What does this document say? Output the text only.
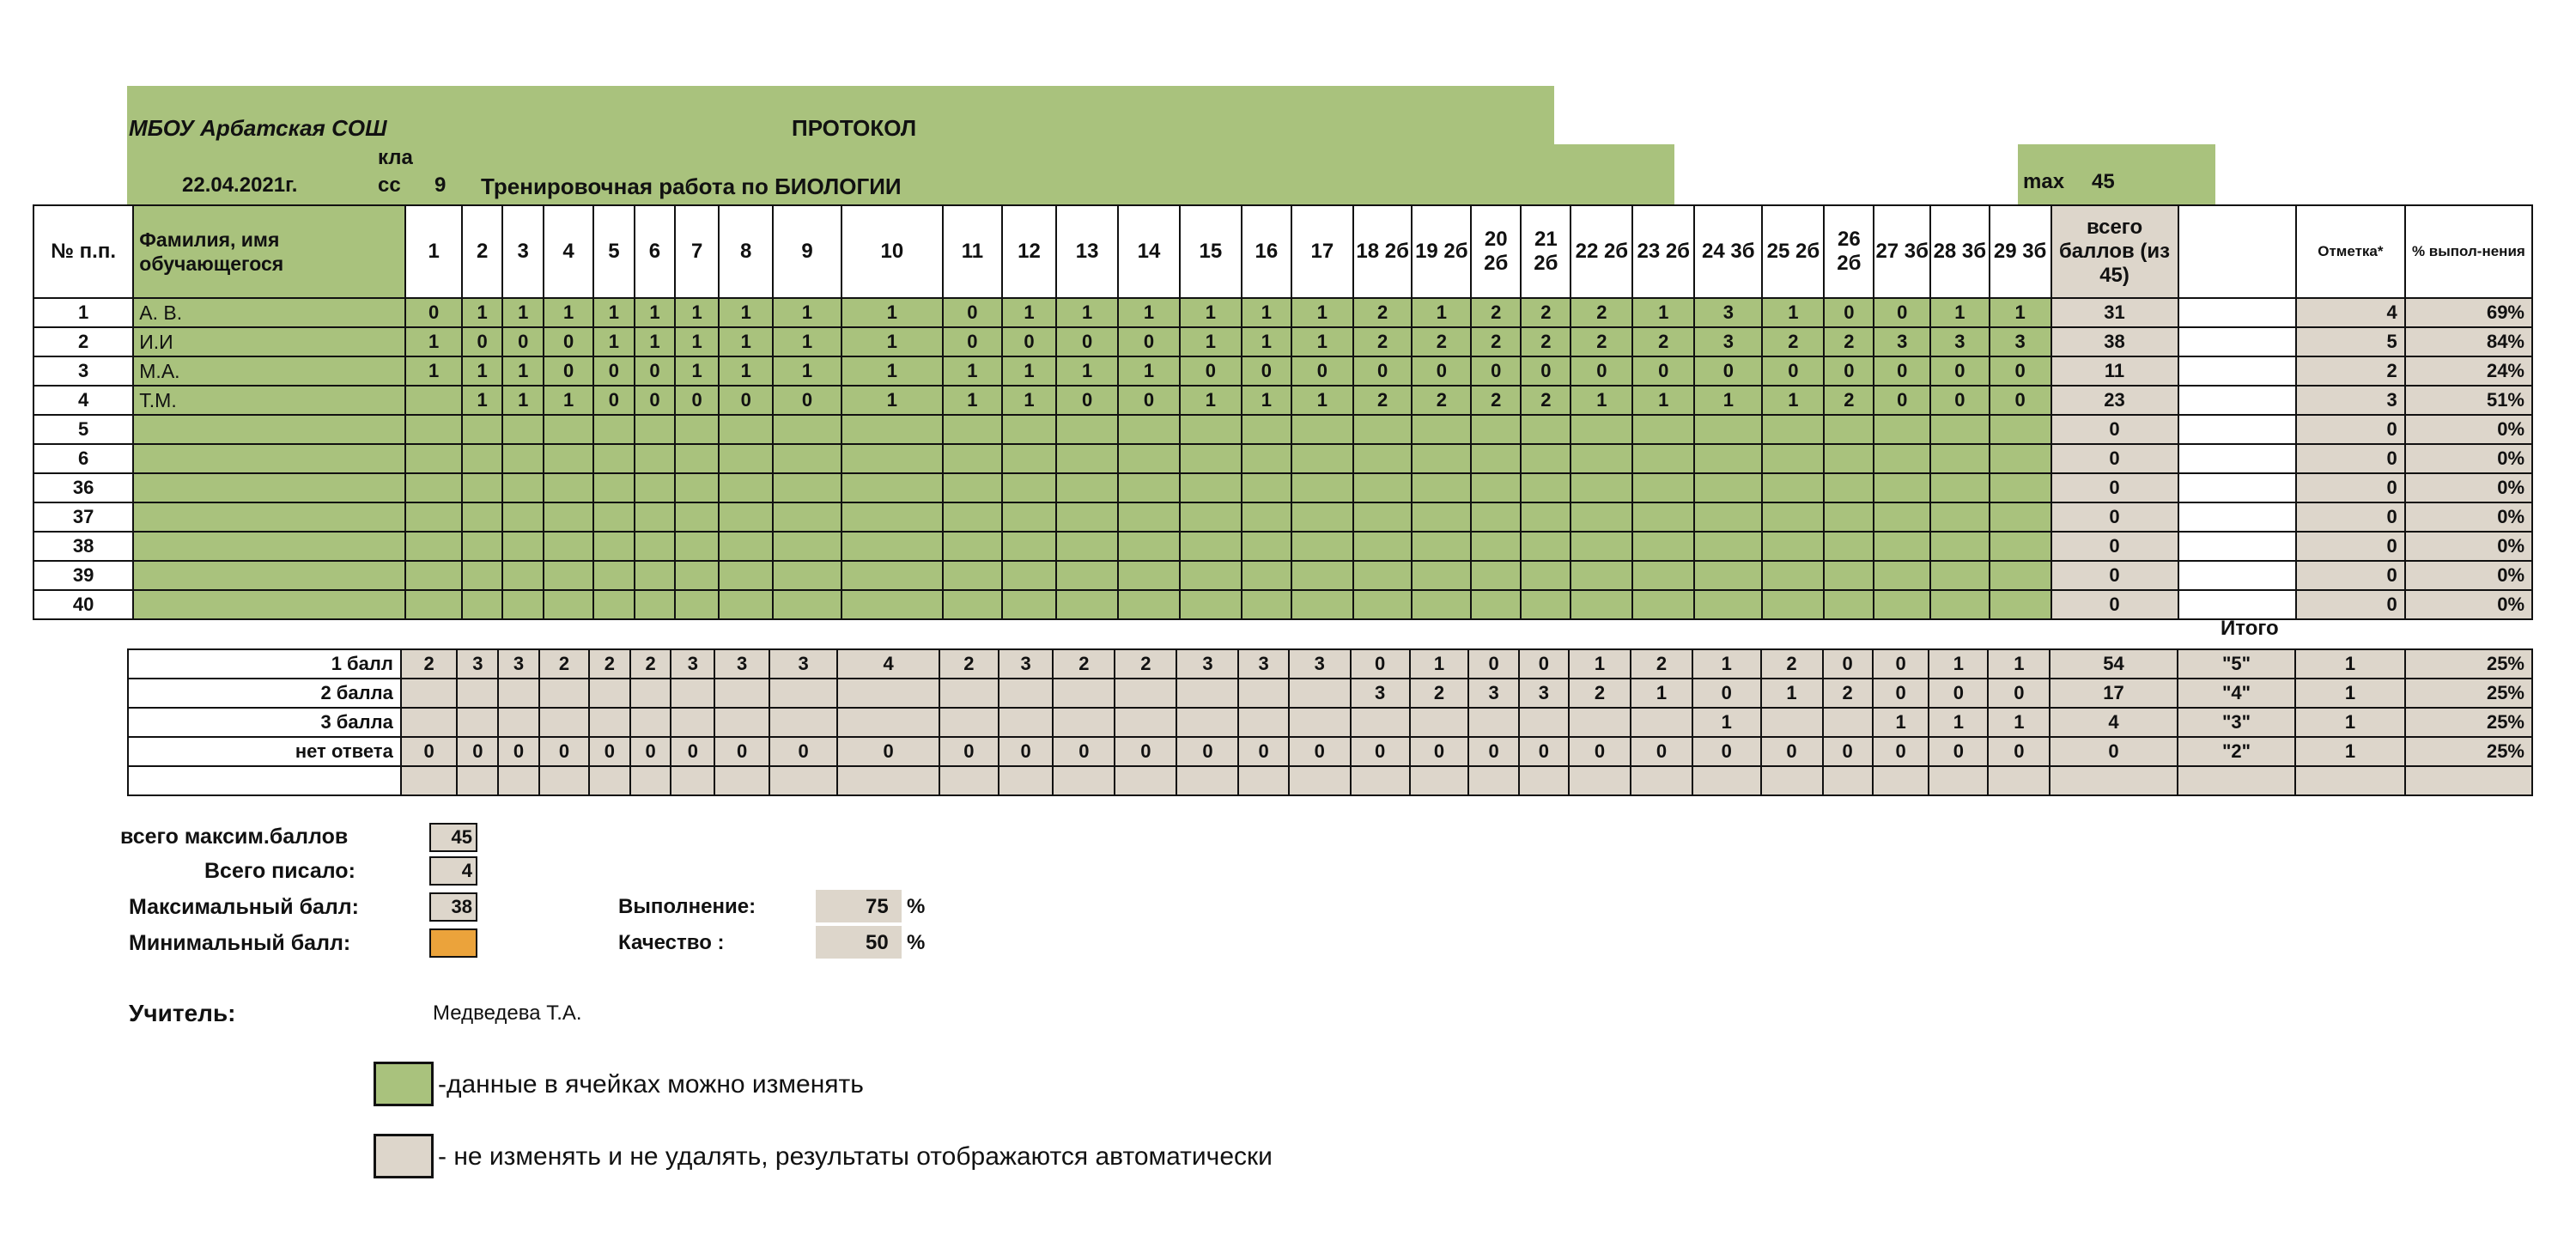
МБОУ Арбатская СОШ	ПРОТОКОЛ
22.04.2021г.
кла
сс 9 Тренировочная работа по БИОЛОГИИ	max 45
№ п.п.	Фамилия, имя обучающегося	1	2	3	4	5	6	7	8	9	10	11	12	13	14	15	16	17	18 2б	19 2б	20 2б	21 2б	22 2б	23 2б	24 3б	25 2б	26 2б	27 3б	28 3б	29 3б	всего баллов (из 45)		Отметка*	% выпол-нения
1	А. В.	0	1	1	1	1	1	1	1	1	1	0	1	1	1	1	1	1	2	1	2	2	2	1	3	1	0	0	1	1	31		4	69%
2	И.И	1	0	0	0	1	1	1	1	1	1	0	0	0	0	1	1	1	2	2	2	2	2	2	3	2	2	3	3	3	38		5	84%
3	М.А.	1	1	1	0	0	0	1	1	1	1	1	1	1	1	0	0	0	0	0	0	0	0	0	0	0	0	0	0	0	11		2	24%
4	Т.М.		1	1	1	0	0	0	0	0	1	1	1	0	0	1	1	1	2	2	2	2	1	1	1	1	2	0	0	0	23		3	51%
5																															0		0	0%
6																															0		0	0%
36																															0		0	0%
37																															0		0	0%
38																															0		0	0%
39																															0		0	0%
40																															0		0	0%
Итого
1 балл	2	3	3	2	2	2	3	3	3	4	2	3	2	2	3	3	3	0	1	0	0	1	2	1	2	0	0	1	1	54	"5"	1	25%
2 балла																		3	2	3	3	2	1	0	1	2	0	0	0	17	"4"	1	25%
3 балла																								1			1	1	1	4	"3"	1	25%
нет ответа	0	0	0	0	0	0	0	0	0	0	0	0	0	0	0	0	0	0	0	0	0	0	0	0	0	0	0	0	0	0	"2"	1	25%

всего максим.баллов	45
Всего писало:	4
Максимальный балл:	38
Минимальный балл:
Выполнение:	75 %
Качество :	50 %
Учитель:	Медведева Т.А.
-данные в ячейках можно изменять
- не изменять и не удалять, результаты отображаются автоматически
